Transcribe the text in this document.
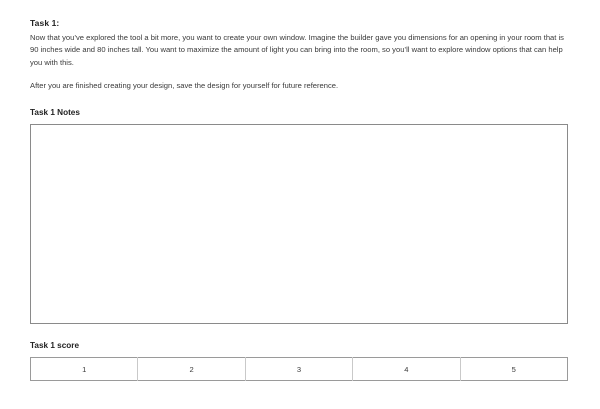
Task 1:

Now that you’ve explored the tool a bit more, you want to create your own window. Imagine the builder gave you dimensions for an opening in your room that is 90 inches wide and 80 inches tall. You want to maximize the amount of light you can bring into the room, so you’ll want to explore window options that can help you with this.

After you are finished creating your design, save the design for yourself for future reference.

Task 1 Notes
Task 1 score
1	2	3	4	5
